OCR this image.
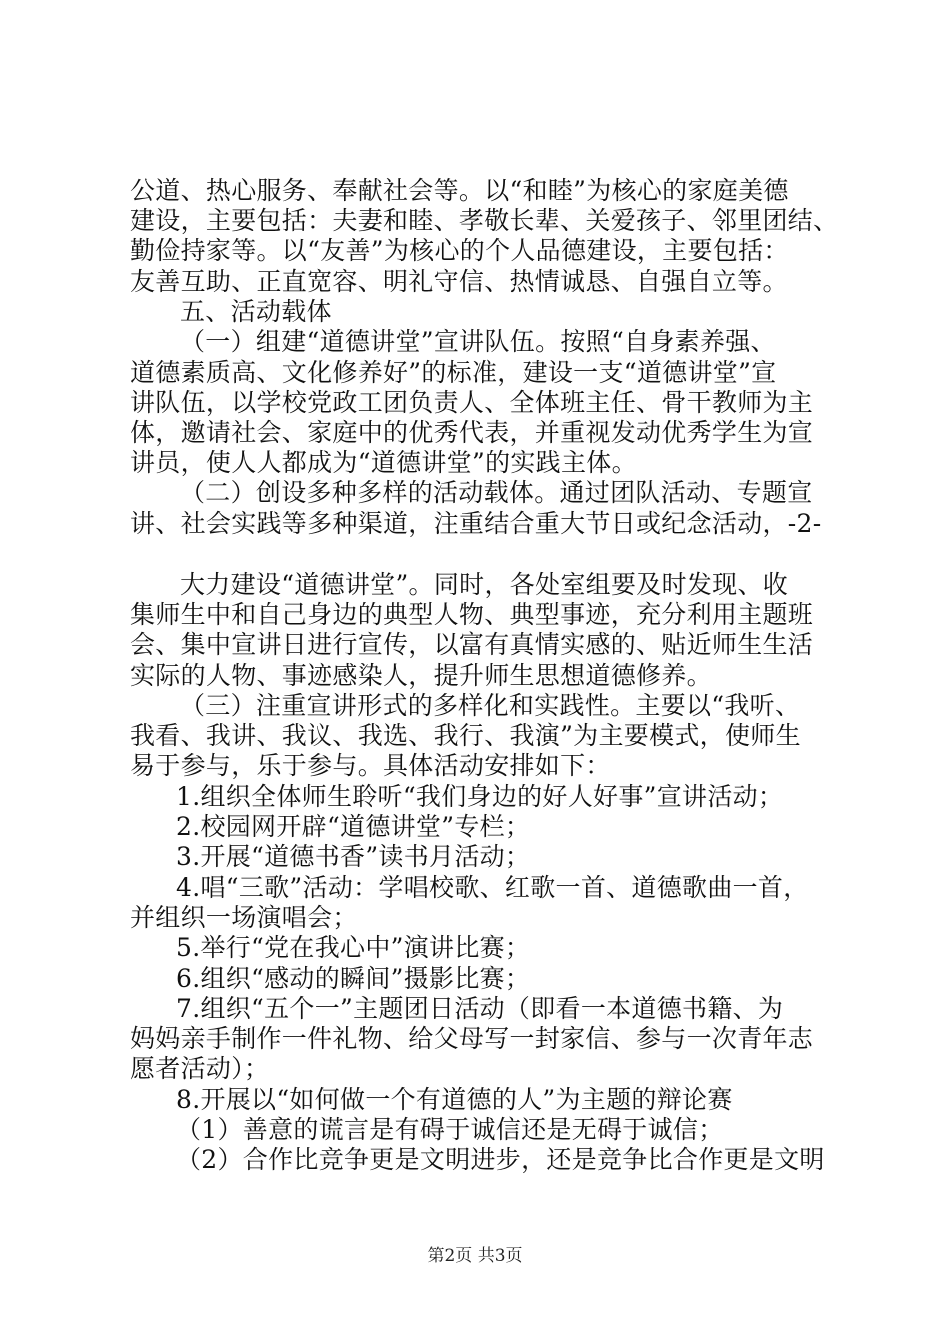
公道、热心服务、奉献社会等。以“和睦”为核心的家庭美德
建设，主要包括：夫妻和睦、孝敬长辈、关爱孩子、邻里团结、
勤俭持家等。以“友善”为核心的个人品德建设，主要包括：
友善互助、正直宽容、明礼守信、热情诚恳、自强自立等。
五、活动载体
（一）组建“道德讲堂”宣讲队伍。按照“自身素养强、
道德素质高、文化修养好”的标准，建设一支“道德讲堂”宣
讲队伍，以学校党政工团负责人、全体班主任、骨干教师为主
体，邀请社会、家庭中的优秀代表，并重视发动优秀学生为宣
讲员，使人人都成为“道德讲堂”的实践主体。
（二）创设多种多样的活动载体。通过团队活动、专题宣
讲、社会实践等多种渠道，注重结合重大节日或纪念活动，-2-
大力建设“道德讲堂”。同时，各处室组要及时发现、收
集师生中和自己身边的典型人物、典型事迹，充分利用主题班
会、集中宣讲日进行宣传，以富有真情实感的、贴近师生生活
实际的人物、事迹感染人，提升师生思想道德修养。
（三）注重宣讲形式的多样化和实践性。主要以“我听、
我看、我讲、我议、我选、我行、我演”为主要模式，使师生
易于参与，乐于参与。具体活动安排如下：
1.组织全体师生聆听“我们身边的好人好事”宣讲活动；
2.校园网开辟“道德讲堂”专栏；
3.开展“道德书香”读书月活动；
4.唱“三歌”活动：学唱校歌、红歌一首、道德歌曲一首，
并组织一场演唱会；
5.举行“党在我心中”演讲比赛；
6.组织“感动的瞬间”摄影比赛；
7.组织“五个一”主题团日活动（即看一本道德书籍、为
妈妈亲手制作一件礼物、给父母写一封家信、参与一次青年志
愿者活动）；
8.开展以“如何做一个有道德的人”为主题的辩论赛
（1）善意的谎言是有碍于诚信还是无碍于诚信；
（2）合作比竞争更是文明进步，还是竞争比合作更是文明
第2页 共3页
